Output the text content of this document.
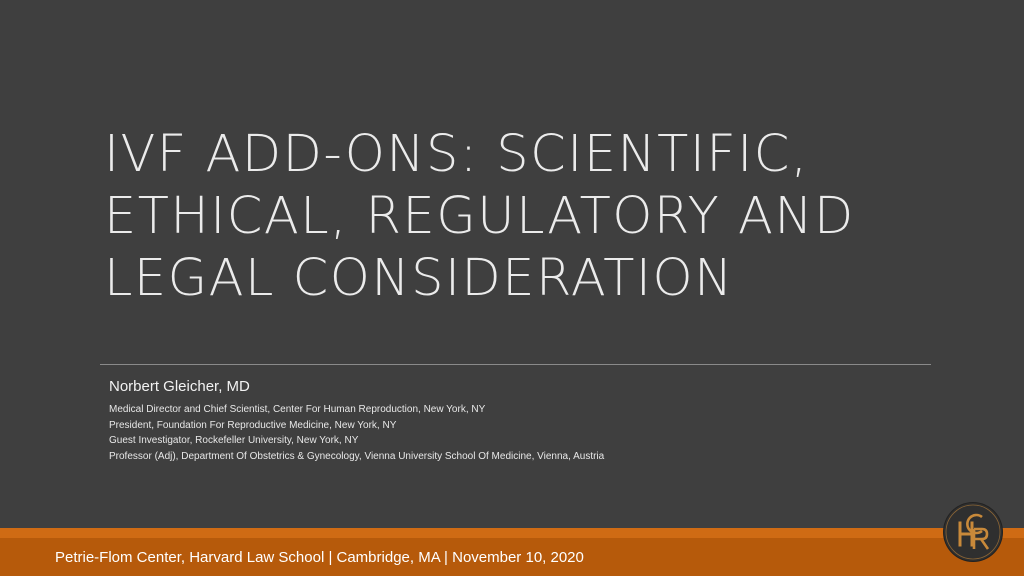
IVF ADD-ONS: SCIENTIFIC,
ETHICAL, REGULATORY AND
LEGAL CONSIDERATION
Norbert Gleicher, MD
Medical Director and Chief Scientist, Center For Human Reproduction, New York, NY
President, Foundation For Reproductive Medicine, New York, NY
Guest Investigator, Rockefeller University, New York, NY
Professor (Adj), Department Of Obstetrics & Gynecology, Vienna University School Of Medicine, Vienna, Austria
Petrie-Flom Center, Harvard Law School | Cambridge, MA | November 10, 2020
